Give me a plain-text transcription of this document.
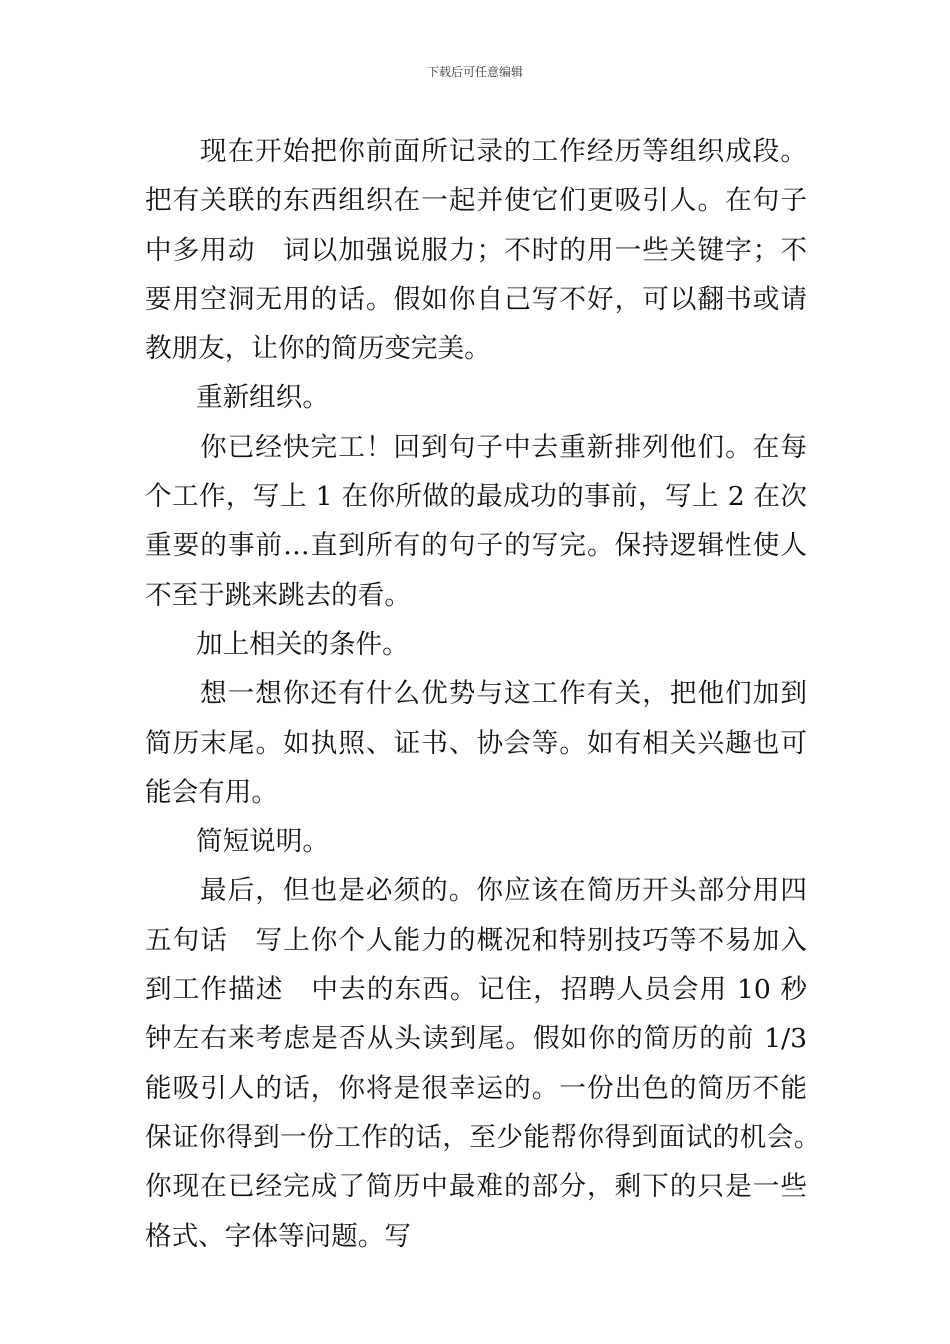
下载后可任意编辑

现在开始把你前面所记录的工作经历等组织成段。把有关联的东西组织在一起并使它们更吸引人。在句子中多用动　词以加强说服力；不时的用一些关键字；不要用空洞无用的话。假如你自己写不好，可以翻书或请教朋友，让你的简历变完美。

重新组织。

你已经快完工！回到句子中去重新排列他们。在每个工作，写上 1 在你所做的最成功的事前，写上 2 在次重要的事前…直到所有的句子的写完。保持逻辑性使人不至于跳来跳去的看。

加上相关的条件。

想一想你还有什么优势与这工作有关，把他们加到简历末尾。如执照、证书、协会等。如有相关兴趣也可能会有用。

简短说明。

最后，但也是必须的。你应该在简历开头部分用四五句话　写上你个人能力的概况和特别技巧等不易加入到工作描述　中去的东西。记住，招聘人员会用 10 秒钟左右来考虑是否从头读到尾。假如你的简历的前 1/3 能吸引人的话，你将是很幸运的。一份出色的简历不能保证你得到一份工作的话，至少能帮你得到面试的机会。　你现在已经完成了简历中最难的部分，剩下的只是一些格式、字体等问题。写
